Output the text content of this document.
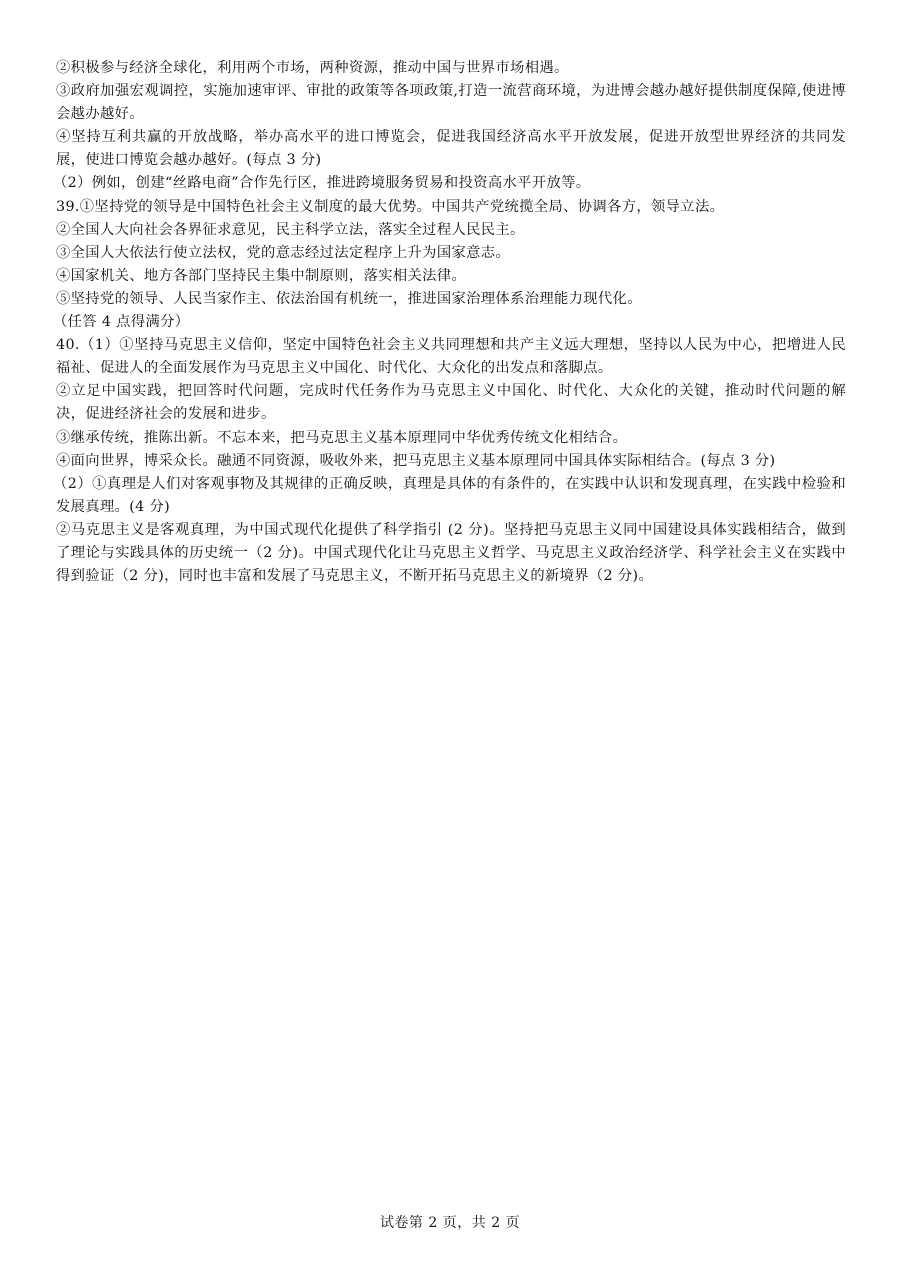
②积极参与经济全球化，利用两个市场，两种资源，推动中国与世界市场相遇。

③政府加强宏观调控，实施加速审评、审批的政策等各项政策,打造一流营商环境，为进博会越办越好提供制度保障,使进博会越办越好。

④坚持互利共赢的开放战略，举办高水平的进口博览会，促进我国经济高水平开放发展，促进开放型世界经济的共同发展，使进口博览会越办越好。(每点 3 分)

（2）例如，创建“丝路电商”合作先行区，推进跨境服务贸易和投资高水平开放等。

39.①坚持党的领导是中国特色社会主义制度的最大优势。中国共产党统揽全局、协调各方，领导立法。

②全国人大向社会各界征求意见，民主科学立法，落实全过程人民民主。

③全国人大依法行使立法权，党的意志经过法定程序上升为国家意志。

④国家机关、地方各部门坚持民主集中制原则，落实相关法律。

⑤坚持党的领导、人民当家作主、依法治国有机统一，推进国家治理体系治理能力现代化。

（任答 4 点得满分）

40.（1）①坚持马克思主义信仰，坚定中国特色社会主义共同理想和共产主义远大理想，坚持以人民为中心，把增进人民福祉、促进人的全面发展作为马克思主义中国化、时代化、大众化的出发点和落脚点。

②立足中国实践，把回答时代问题，完成时代任务作为马克思主义中国化、时代化、大众化的关键，推动时代问题的解决，促进经济社会的发展和进步。

③继承传统，推陈出新。不忘本来，把马克思主义基本原理同中华优秀传统文化相结合。

④面向世界，博采众长。融通不同资源，吸收外来，把马克思主义基本原理同中国具体实际相结合。(每点 3 分)

（2）①真理是人们对客观事物及其规律的正确反映，真理是具体的有条件的，在实践中认识和发现真理，在实践中检验和发展真理。(4 分)

②马克思主义是客观真理，为中国式现代化提供了科学指引 (2 分)。坚持把马克思主义同中国建设具体实践相结合，做到了理论与实践具体的历史统一（2 分)。中国式现代化让马克思主义哲学、马克思主义政治经济学、科学社会主义在实践中得到验证（2 分)，同时也丰富和发展了马克思主义，不断开拓马克思主义的新境界（2 分)。

试卷第 2 页，共 2 页
